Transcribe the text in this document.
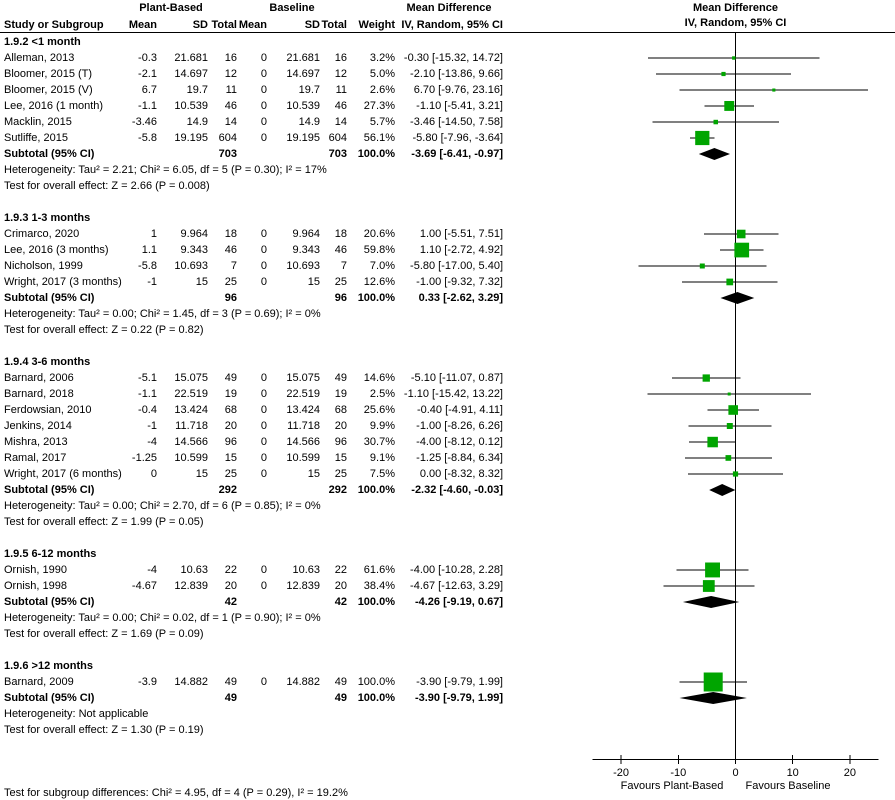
Plant-Based	Baseline	Mean Difference	Mean Difference
IV, Random, 95% CI
Study or Subgroup	Mean	SD Total Mean	SD Total	Weight IV, Random, 95% CI
1.9.2 <1 month
Alleman, 2013	-0.3	21.681	16	0	21.681	16	3.2% -0.30 [-15.32, 14.72]
Bloomer, 2015 (T)	-2.1	14.697	12	0	14.697	12	5.0%	-2.10 [-13.86, 9.66]
Bloomer, 2015 (V)	6.7	19.7	11	0	19.7	11	2.6%	6.70 [-9.76, 23.16]
Lee, 2016 (1 month)	-1.1	10.539	46	0	10.539	46	27.3%	-1.10 [-5.41, 3.21]
Macklin, 2015	-3.46	14.9	14	0	14.9	14	5.7%	-3.46 [-14.50, 7.58]
Sutliffe, 2015	-5.8	19.195 604	0	19.195 604	56.1%	-5.80 [-7.96, -3.64]
Subtotal (95% CI)	703	703 100.0%	-3.69 [-6.41, -0.97]
Heterogeneity: Tau² = 2.21; Chi² = 6.05, df = 5 (P = 0.30); I² = 17%
Test for overall effect: Z = 2.66 (P = 0.008)
1.9.3 1-3 months
Crimarco, 2020	1	9.964	18	0	9.964	18	20.6%	1.00 [-5.51, 7.51]
Lee, 2016 (3 months)	1.1	9.343	46	0	9.343	46	59.8%	1.10 [-2.72, 4.92]
Nicholson, 1999	-5.8	10.693	7	0	10.693	7	7.0%	-5.80 [-17.00, 5.40]
Wright, 2017 (3 months)	-1	15	25	0	15	25	12.6%	-1.00 [-9.32, 7.32]
Subtotal (95% CI)	96	96 100.0%	0.33 [-2.62, 3.29]
Heterogeneity: Tau² = 0.00; Chi² = 1.45, df = 3 (P = 0.69); I² = 0%
Test for overall effect: Z = 0.22 (P = 0.82)
1.9.4 3-6 months
Barnard, 2006	-5.1	15.075	49	0	15.075	49	14.6%	-5.10 [-11.07, 0.87]
Barnard, 2018	-1.1	22.519	19	0	22.519	19	2.5% -1.10 [-15.42, 13.22]
Ferdowsian, 2010	-0.4	13.424	68	0	13.424	68	25.6%	-0.40 [-4.91, 4.11]
Jenkins, 2014	-1	11.718	20	0	11.718	20	9.9%	-1.00 [-8.26, 6.26]
Mishra, 2013	-4	14.566	96	0	14.566	96	30.7%	-4.00 [-8.12, 0.12]
Ramal, 2017	-1.25	10.599	15	0	10.599	15	9.1%	-1.25 [-8.84, 6.34]
Wright, 2017 (6 months)	0	15	25	0	15	25	7.5%	0.00 [-8.32, 8.32]
Subtotal (95% CI)	292	292 100.0%	-2.32 [-4.60, -0.03]
Heterogeneity: Tau² = 0.00; Chi² = 2.70, df = 6 (P = 0.85); I² = 0%
Test for overall effect: Z = 1.99 (P = 0.05)
1.9.5 6-12 months
Ornish, 1990	-4	10.63	22	0	10.63	22	61.6%	-4.00 [-10.28, 2.28]
Ornish, 1998	-4.67	12.839	20	0	12.839	20	38.4%	-4.67 [-12.63, 3.29]
Subtotal (95% CI)	42	42 100.0%	-4.26 [-9.19, 0.67]
Heterogeneity: Tau² = 0.00; Chi² = 0.02, df = 1 (P = 0.90); I² = 0%
Test for overall effect: Z = 1.69 (P = 0.09)
1.9.6 >12 months
Barnard, 2009	-3.9	14.882	49	0	14.882	49 100.0%	-3.90 [-9.79, 1.99]
Subtotal (95% CI)	49	49 100.0%	-3.90 [-9.79, 1.99]
Heterogeneity: Not applicable
Test for overall effect: Z = 1.30 (P = 0.19)
-20	-10	0	10	20
Favours Plant-Based Favours Baseline
Test for subgroup differences: Chi² = 4.95, df = 4 (P = 0.29), I² = 19.2%
